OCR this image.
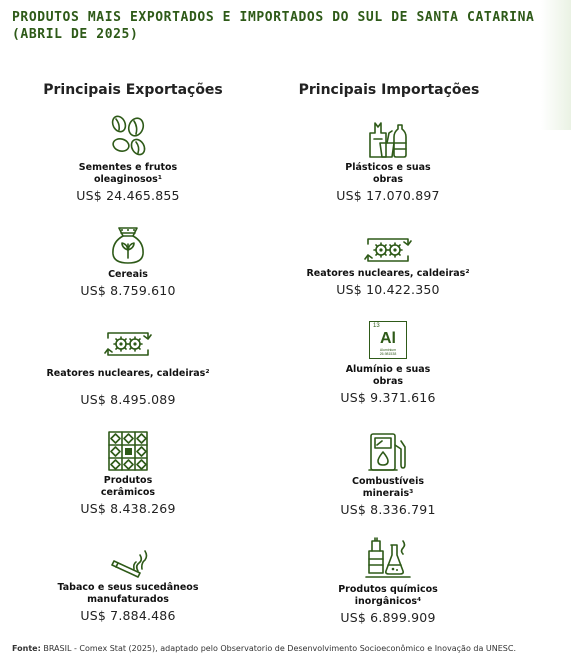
PRODUTOS MAIS EXPORTADOS E IMPORTADOS DO SUL DE SANTA CATARINA (ABRIL DE 2025)
Principais Exportações	Principais Importações
Sementes e frutos
oleaginosos¹
US$ 24.465.855
Cereais
US$ 8.759.610
Reatores nucleares, caldeiras²
US$ 8.495.089
Produtos
cerâmicos
US$ 8.438.269
Tabaco e seus sucedâneos
manufaturados
US$ 7.884.486
Plásticos e suas
obras
US$ 17.070.897
Reatores nucleares, caldeiras²
US$ 10.422.350
13
Al
Aluminium
26.981538
Alumínio e suas
obras
US$ 9.371.616
Combustíveis
minerais³
US$ 8.336.791
Produtos químicos
inorgânicos⁴
US$ 6.899.909
Fonte: BRASIL - Comex Stat (2025), adaptado pelo Observatorio de Desenvolvimento Socioeconômico e Inovação da UNESC.
